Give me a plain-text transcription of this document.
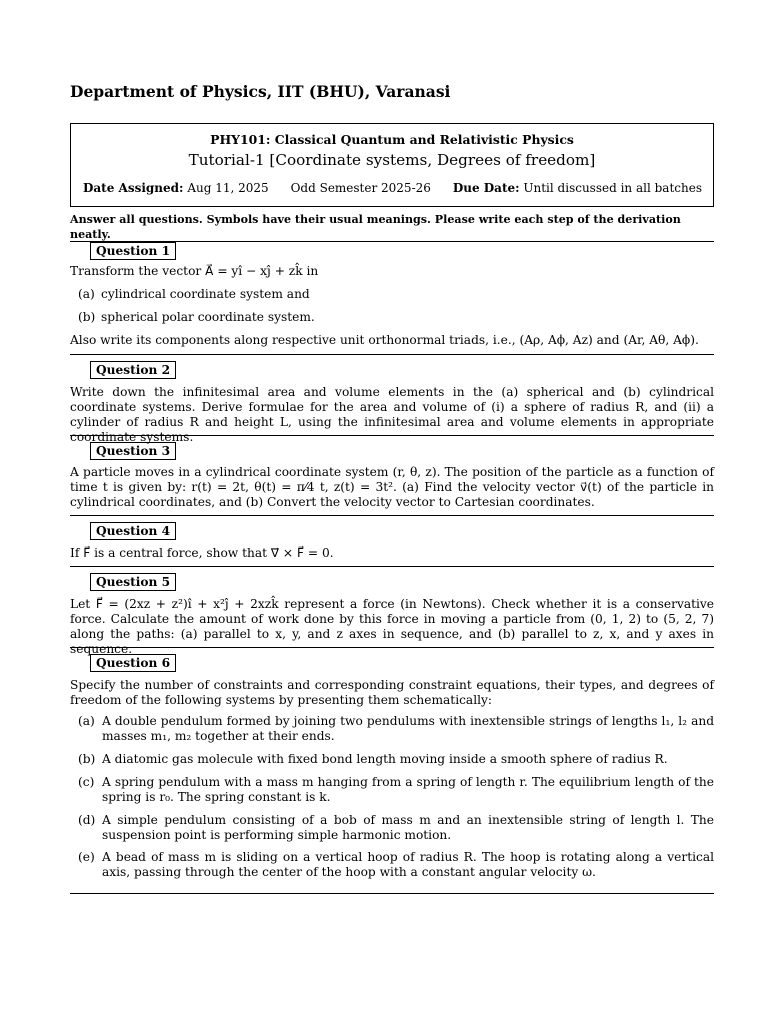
Department of Physics, IIT (BHU), Varanasi
PHY101: Classical Quantum and Relativistic Physics
Tutorial-1 [Coordinate systems, Degrees of freedom]
Date Assigned: Aug 11, 2025 Odd Semester 2025-26 Due Date: Until discussed in all batches
Answer all questions. Symbols have their usual meanings. Please write each step of the derivation neatly.
Question 1
Transform the vector A⃗ = yî − xĵ + zk̂ in
(a) cylindrical coordinate system and
(b) spherical polar coordinate system.
Also write its components along respective unit orthonormal triads, i.e., (Aρ, Aϕ, Az) and (Ar, Aθ, Aϕ).
Question 2
Write down the infinitesimal area and volume elements in the (a) spherical and (b) cylindrical coordinate systems. Derive formulae for the area and volume of (i) a sphere of radius R, and (ii) a cylinder of radius R and height L, using the infinitesimal area and volume elements in appropriate coordinate systems.
Question 3
A particle moves in a cylindrical coordinate system (r, θ, z). The position of the particle as a function of time t is given by: r(t) = 2t, θ(t) = π⁄4 t, z(t) = 3t². (a) Find the velocity vector v⃗(t) of the particle in cylindrical coordinates, and (b) Convert the velocity vector to Cartesian coordinates.
Question 4
If F⃗ is a central force, show that ∇⃗ × F⃗ = 0.
Question 5
Let F⃗ = (2xz + z²)î + x²ĵ + 2xzk̂ represent a force (in Newtons). Check whether it is a conservative force. Calculate the amount of work done by this force in moving a particle from (0, 1, 2) to (5, 2, 7) along the paths: (a) parallel to x, y, and z axes in sequence, and (b) parallel to z, x, and y axes in sequence.
Question 6
Specify the number of constraints and corresponding constraint equations, their types, and degrees of freedom of the following systems by presenting them schematically:
(a) A double pendulum formed by joining two pendulums with inextensible strings of lengths l₁, l₂ and masses m₁, m₂ together at their ends.
(b) A diatomic gas molecule with fixed bond length moving inside a smooth sphere of radius R.
(c) A spring pendulum with a mass m hanging from a spring of length r. The equilibrium length of the spring is r₀. The spring constant is k.
(d) A simple pendulum consisting of a bob of mass m and an inextensible string of length l. The suspension point is performing simple harmonic motion.
(e) A bead of mass m is sliding on a vertical hoop of radius R. The hoop is rotating along a vertical axis, passing through the center of the hoop with a constant angular velocity ω.
